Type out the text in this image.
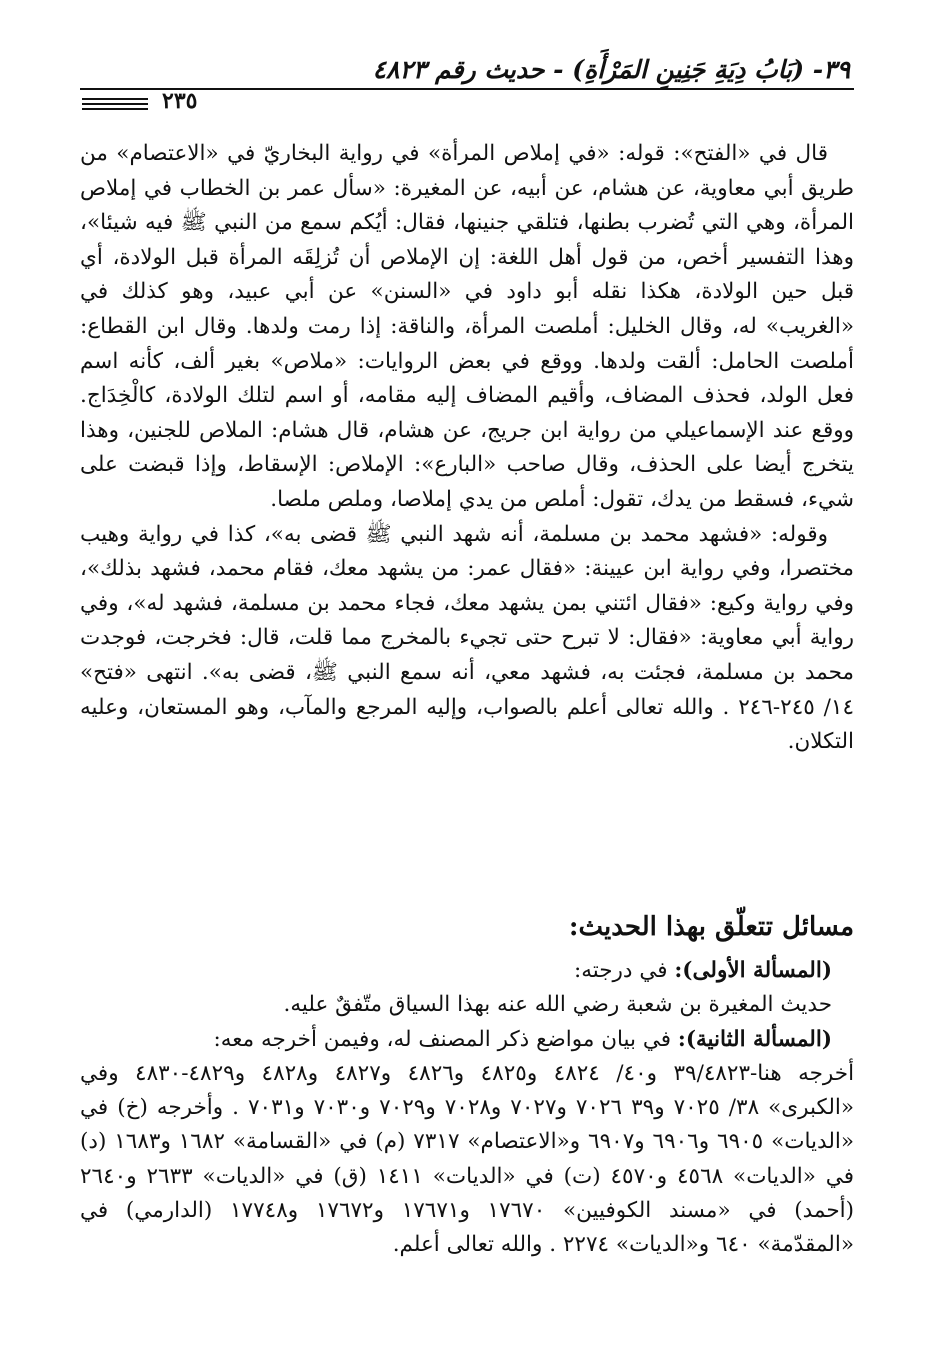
٣٩- (بَابُ دِيَةِ جَنِينِ المَرْأَةِ) - حديث رقم ٤٨٢٣
٢٣٥

قال في «الفتح»: قوله: «في إملاص المرأة» في رواية البخاريّ في «الاعتصام» من طريق أبي معاوية، عن هشام، عن أبيه، عن المغيرة: «سأل عمر بن الخطاب في إملاص المرأة، وهي التي تُضرب بطنها، فتلقي جنينها، فقال: أيُكم سمع من النبي ﷺ فيه شيئا»، وهذا التفسير أخص، من قول أهل اللغة: إن الإملاص أن تُزلِقَه المرأة قبل الولادة، أي قبل حين الولادة، هكذا نقله أبو داود في «السنن» عن أبي عبيد، وهو كذلك في «الغريب» له، وقال الخليل: أملصت المرأة، والناقة: إذا رمت ولدها. وقال ابن القطاع: أملصت الحامل: ألقت ولدها. ووقع في بعض الروايات: «ملاص» بغير ألف، كأنه اسم فعل الولد، فحذف المضاف، وأقيم المضاف إليه مقامه، أو اسم لتلك الولادة، كالْخِدَاج. ووقع عند الإسماعيلي من رواية ابن جريج، عن هشام، قال هشام: الملاص للجنين، وهذا يتخرج أيضا على الحذف، وقال صاحب «البارع»: الإملاص: الإسقاط، وإذا قبضت على شيء، فسقط من يدك، تقول: أملص من يدي إملاصا، وملص ملصا.

وقوله: «فشهد محمد بن مسلمة، أنه شهد النبي ﷺ قضى به»، كذا في رواية وهيب مختصرا، وفي رواية ابن عيينة: «فقال عمر: من يشهد معك، فقام محمد، فشهد بذلك»، وفي رواية وكيع: «فقال ائتني بمن يشهد معك، فجاء محمد بن مسلمة، فشهد له»، وفي رواية أبي معاوية: «فقال: لا تبرح حتى تجيء بالمخرج مما قلت، قال: فخرجت، فوجدت محمد بن مسلمة، فجئت به، فشهد معي، أنه سمع النبي ﷺ، قضى به». انتهى «فتح» ١٤/ ٢٤٥-٢٤٦ . والله تعالى أعلم بالصواب، وإليه المرجع والمآب، وهو المستعان، وعليه التكلان.

مسائل تتعلّق بهذا الحديث:

(المسألة الأولى): في درجته:

حديث المغيرة بن شعبة رضي الله عنه بهذا السياق متّفقٌ عليه.

(المسألة الثانية): في بيان مواضع ذكر المصنف له، وفيمن أخرجه معه:

أخرجه هنا-٣٩/٤٨٢٣ و٤٠/ ٤٨٢٤ و٤٨٢٥ و٤٨٢٦ و٤٨٢٧ و٤٨٢٨ و٤٨٢٩-٤٨٣٠ وفي «الكبرى» ٣٨/ ٧٠٢٥ و٣٩ ٧٠٢٦ و٧٠٢٧ و٧٠٢٨ و٧٠٢٩ و٧٠٣٠ و٧٠٣١ . وأخرجه (خ) في «الديات» ٦٩٠٥ و٦٩٠٦ و٦٩٠٧ و«الاعتصام» ٧٣١٧ (م) في «القسامة» ١٦٨٢ و١٦٨٣ (د) في «الديات» ٤٥٦٨ و٤٥٧٠ (ت) في «الديات» ١٤١١ (ق) في «الديات» ٢٦٣٣ و٢٦٤٠ (أحمد) في «مسند الكوفيين» ١٧٦٧٠ و١٧٦٧١ و١٧٦٧٢ و١٧٧٤٨ (الدارمي) في «المقدّمة» ٦٤٠ و«الديات» ٢٢٧٤ . والله تعالى أعلم.
